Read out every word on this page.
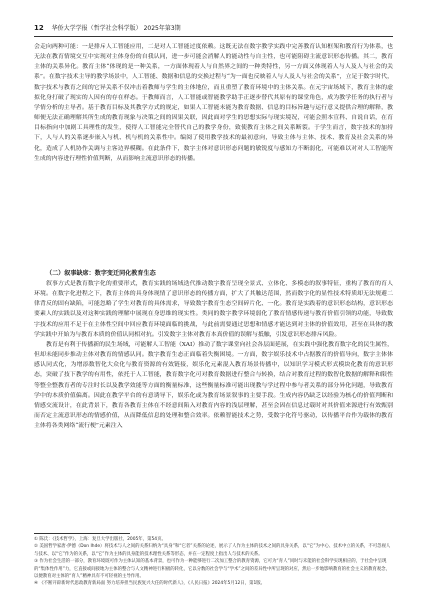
12 华侨大学学报（哲学社会科学版） 2025年第3期

会走向两种可能：一是排斥人工智能应用，二是对人工智能过度依赖。这既无法在数字教学实践中完善教育认知框架和教育行为体系，也无法在教育情境交互中实现对主体身份的自我认同，进一步可能会消解人的能动性与自主性，也可能阻碍主流意识形态传播。其二，教育主体的关系异化。教育主体“体现的是一种关系，一方面体现着人与自然界之间的一种类特性，另一方面又体现着人与人及人与社会的关系”。在数字技术主导的教学场景中，人工智能、数据和信息的交换过程与“为一面也反映着人与人及人与社会的关系”，立足于数字时代，数字技术与教育之间的它异关系不仅冲击着教师与学生的主体地位，而且重塑了教育环境中的主体关系。在元宇宙场域下，教育主体的虚拟化身打破了现实的人因有的存在样态。于教师而言，人工智能或智能教学助手正逐步替代其原有的课堂角色，成为教学任务的执行者与学情分析的主导者。基于教育目标及其教学方式的规定，如果人工智能未能为教育数据、信息的目标旨趣与运行意义提供合理的解释，教师便无法正确理解其所生成的教育现象与决策之间的因果关联，因此面对学生的思想实际与现实境况，可能会照本宣科、自说自话，在育目标指向中加剧工具理性的发生，使得人工智能完全替代自己的教学身份，致使教育主体之间关系断裂。于学生而言，数字技术的加持下，人与人的关系逐步嵌入与机、机与机的关系性中。编阅了使用教学技术的最初意向，导致主体与主体、技术、教育及社会关系的异化，造成了人机协作关调与主客边界模糊。在此条件下，数字主体对意识形态问题的敏锐度与感知力不断弱化，可能难以对对人工智能所生成的内容进行理性价值判断，从而影响主流意识形态的传播。

（二）叙事缺席：数字变迁同化教育生态

叙事方式是教育数字化的重要形式，教育实践的场域迭代推动数字教育呈现全景式、立体化、多模态的叙事特征，重构了教育的育人环境。在数字化进程之下，教育主体的具身体现情了意识形态的传播方面，扩大了其触达范围，然而数字化的显性技术特质却无法规避二律背反的固有缺陷，可能忽略了学生对教育的具体需求，导致数字教育生态空间碎片化、一化。教育是实践着的意识形态结构，意识形态要素人的实践以及对这种实践的理解中展现在身思维的现实性。类同的数字教学环境弱化了教育情感传递与教育价值引领的功能，导致数字技术的应用不足于在主体性空间中回应教育环境面临的挑战，与此前需要通过思想和情感才能达到对主体的价值效用，甚至在具体的教学实践中开始为与教育本质的价值认同相对抗。引发数字主体对教育本真价值的误解与抵触，引发意识形态排斥风险。

教育是有利于传播新的民生场域，可能解人工智能（XAI）推动了数字课堂向社会各层面延展，在实践中强化教育数字化的民生属性，但却未能同步推动主体对教育的情感认同。数字教育生态正面临着失衡困境。一方面，数字娱乐技术中占据教育的价值导向，数字主体体感认同式化，为增添数智化大众化与教育资源的有效链接，娱乐化元素混入教育场景传播中，以知识学习模式形式模块化教育的意识形态，突破了技下教学的有用性，依托于人工智能，教育数字化可对教育数据进行整合与转换，结合对教育过程的数智化数据的解释和限性等整全整教育者的专注时长以及教学效能等方面的衡量标准，这些衡量标准可能出现教与学过程中参与者关系的部分异化问题，导致教育学中的本质价值偏离。因此在教学平台的有意诱导下，娱乐化或为教育场景叙事的主要手段。生成内容仍缺乏以经验为核心的价值判断和情感交流设计，在此背景下，教育各教育主体在不经意间陷入对教育内容的浅层理解，甚至会因在信息过载时对其价值来源进行有效甄别而否定主流意识形态的情感价值，从而降低信息的处理和整合效率。依赖智能技术之势，受数字化符号驱动，以传播平台作为载体的教育主体将各类网络“流行梗”元素注入

① 陈氏：《技术哲学》，上海：复旦大学出版社，2005年，第54页。
② 美国哲学家唐·伊德（Don Ihde）将技术与人之间的关系归纳为“具身”和“它者”关系的论述，展示了人作为主体的技术之间的具身关系，以“它”为中心、技术中立的关系，不可忽视人与技术、以“它”作为的关系，以“它”作为主体的具身能的技术理性关系等形态，并在一定程度上指出人与技术的关系。
③ 作为社会生活的一部分，教育环境既可作为主体认知的基本背景，也可作为一种能够进行二次加工整合的教育资源，它可为“育人”同时与未能的社会科学实现相应的，于社会中呈现的“集体性作用”力，它直接或间接地为主体的整合与人文精神进行积极的转化，它以分数的社会学与“学术”之间的差异性中所呈现的对应，然后一步地影响教育的社会主义的教育观念，以便教育对主体的“育人”精神具有不可轻视的主导作用。
④ 《不断开辟新时代思政教育新局面 努力培养担当民族复兴大任的时代新人》，《人民日报》2024年5月12日，第1版。
